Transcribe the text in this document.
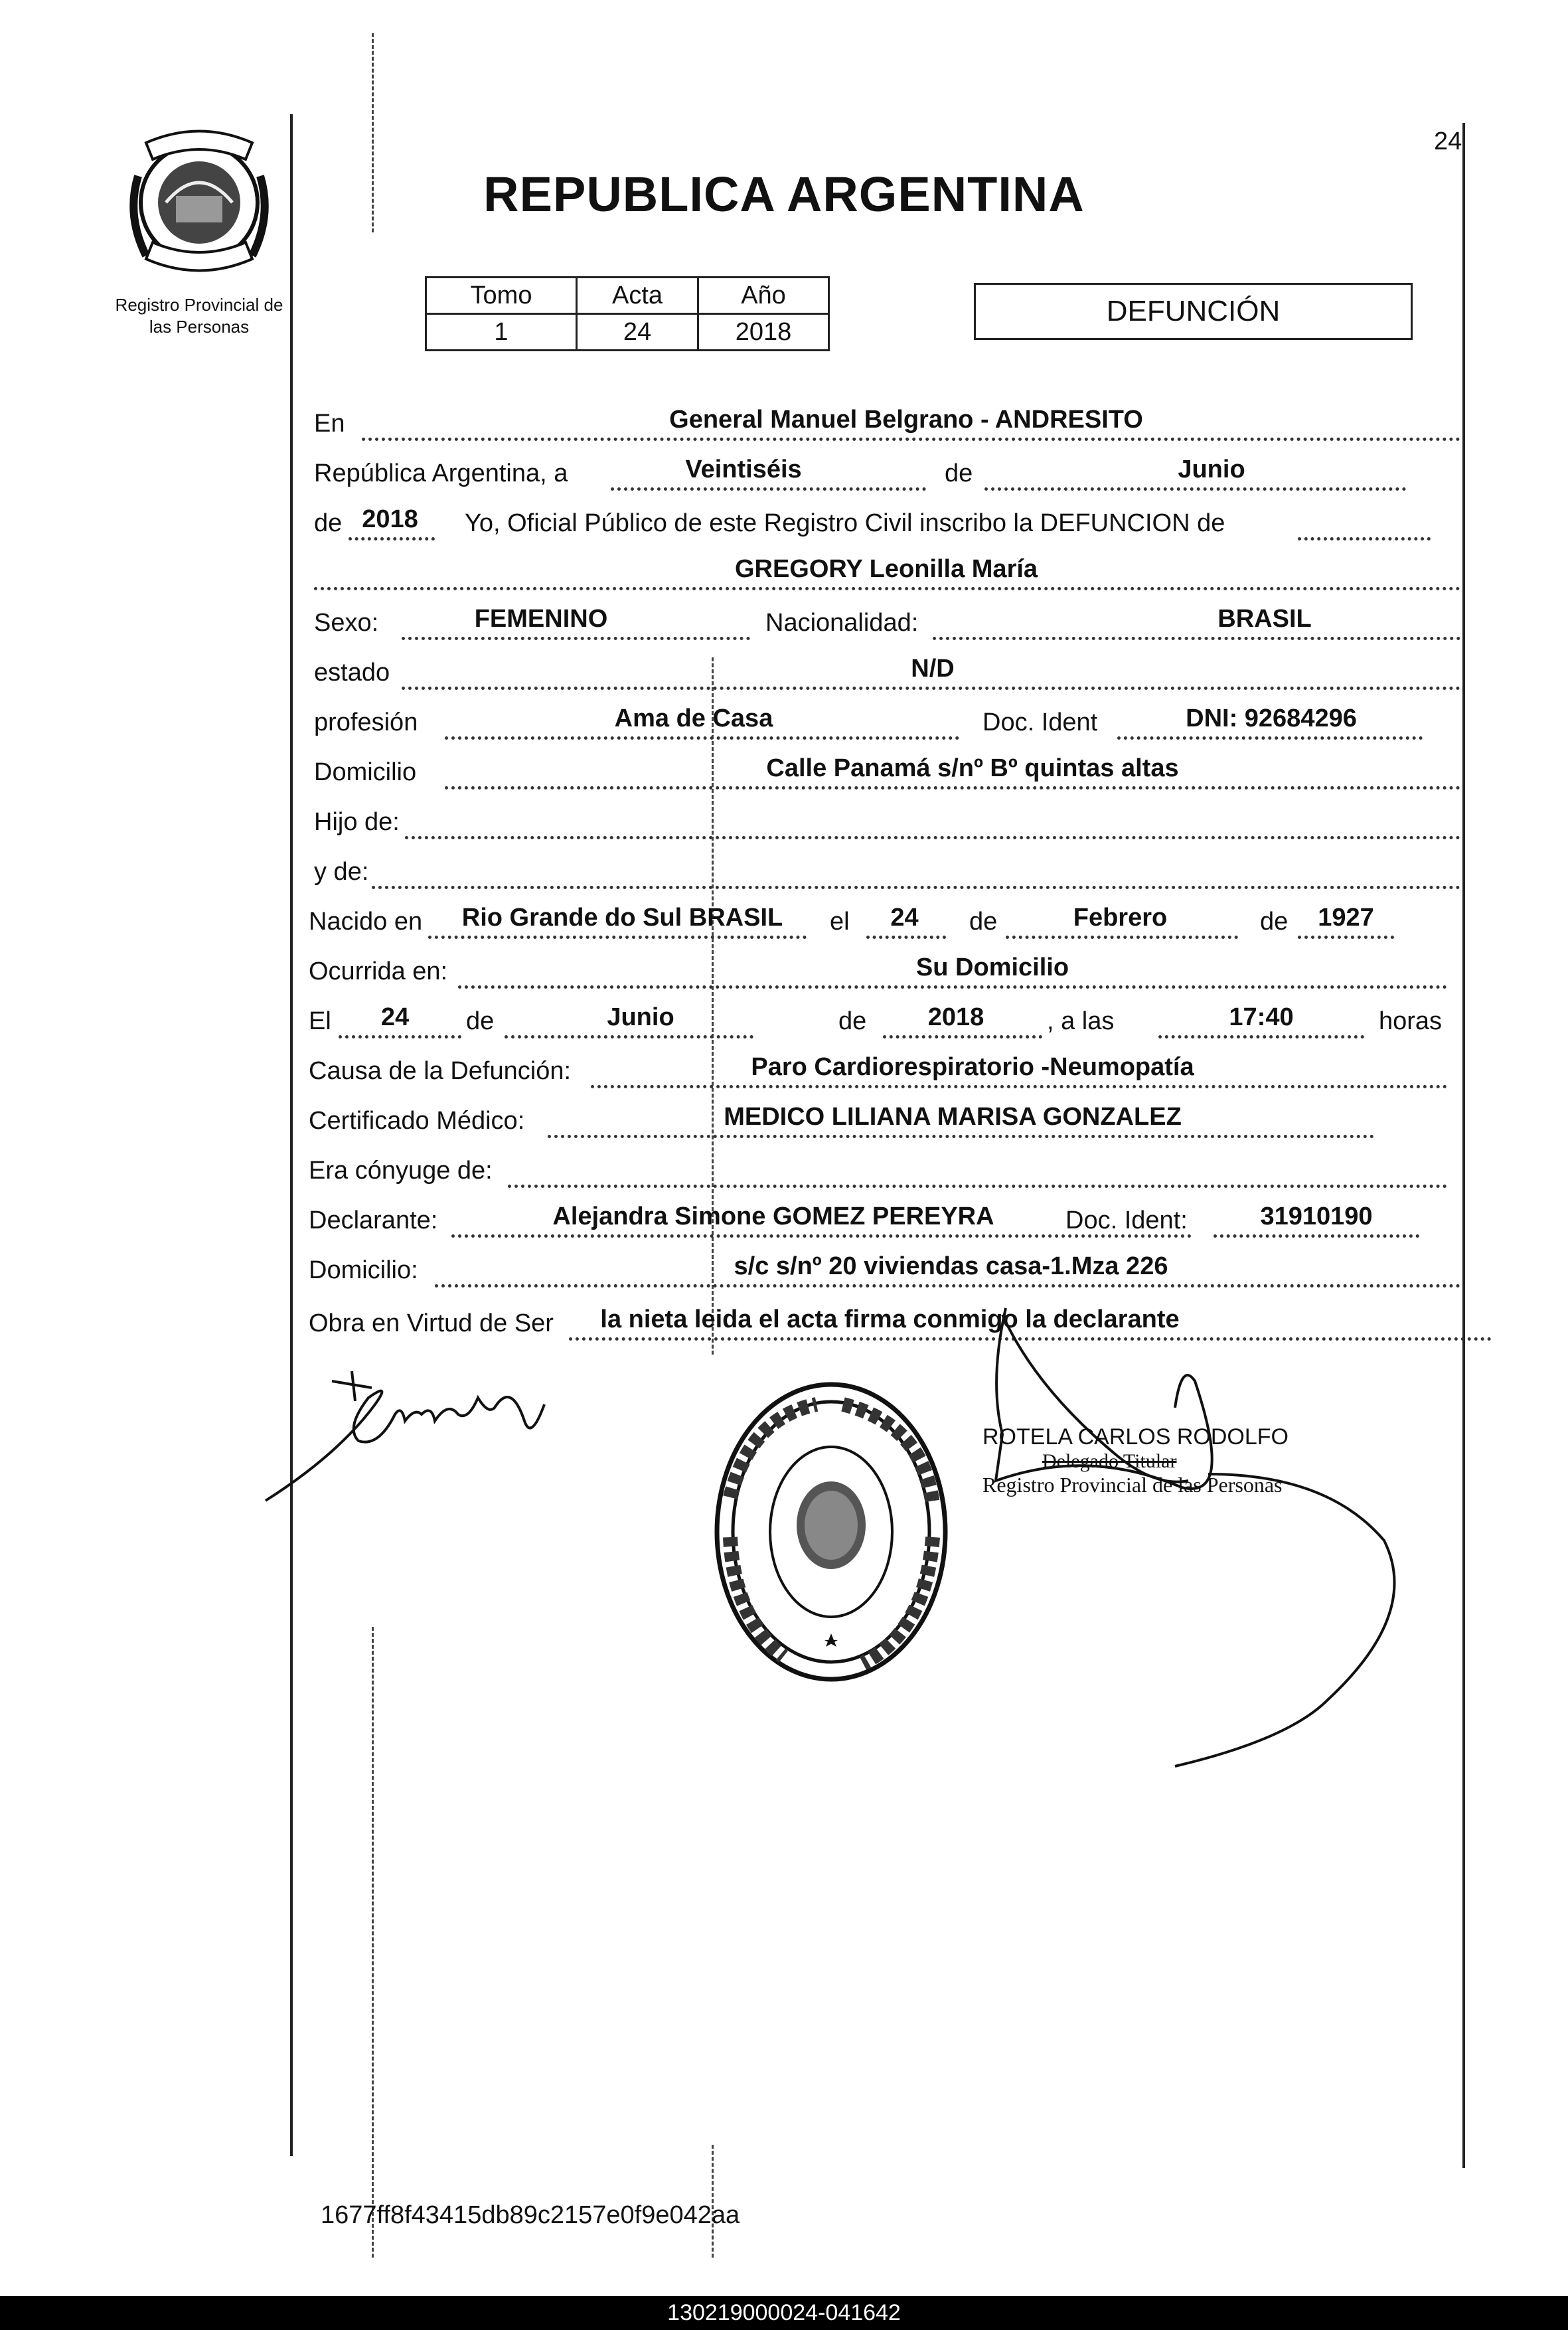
24
REPUBLICA ARGENTINA
Registro Provincial de
las Personas
Tomo	Acta	Año
1	24	2018
DEFUNCIÓN
En	General Manuel Belgrano - ANDRESITO
República Argentina, a	Veintiséis	de	Junio
de 2018	Yo, Oficial Público de este Registro Civil inscribo la DEFUNCION de
GREGORY Leonilla María
Sexo:	FEMENINO	Nacionalidad:	BRASIL
estado	N/D
profesión	Ama de Casa	Doc. Ident	DNI: 92684296
Domicilio	Calle Panamá s/nº Bº quintas altas
Hijo de:
y de:
Nacido en	Rio Grande do Sul BRASIL	el	24	de	Febrero	de	1927
Ocurrida en:	Su Domicilio
El	24	de	Junio	de	2018	, a las	17:40	horas
Causa de la Defunción:	Paro Cardiorespiratorio -Neumopatía
Certificado Médico:	MEDICO LILIANA MARISA GONZALEZ
Era cónyuge de:
Declarante:	Alejandra Simone GOMEZ PEREYRA	Doc. Ident:	31910190
Domicilio:	s/c s/nº 20 viviendas casa-1.Mza 226
Obra en Virtud de Ser	la nieta leida el acta firma conmigo la declarante
ROTELA CARLOS RODOLFO
Delegado Titular
Registro Provincial de las Personas
1677ff8f43415db89c2157e0f9e042aa
130219000024-041642
